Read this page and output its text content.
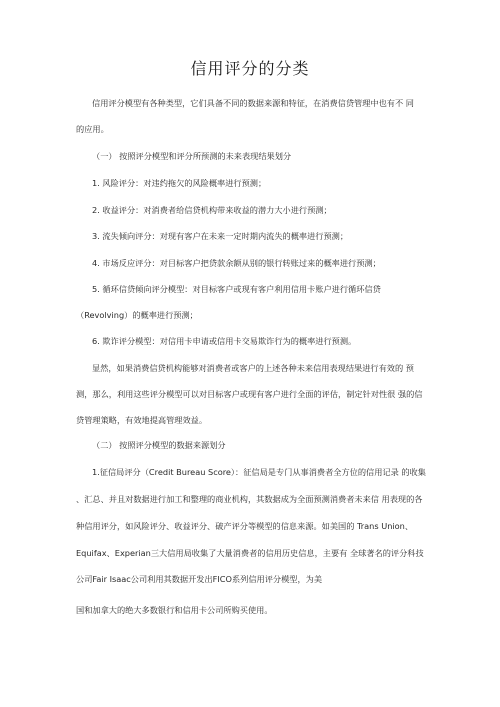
信用评分的分类
信用评分模型有各种类型，它们具备不同的数据来源和特征，在消费信贷管理中也有不 同
的应用。
（一） 按照评分模型和评分所预测的未来表现结果划分
1. 风险评分：对违约拖欠的风险概率进行预测；
2. 收益评分：对消费者给信贷机构带来收益的潜力大小进行预测；
3. 流失倾向评分：对现有客户在未来一定时期内流失的概率进行预测；
4. 市场反应评分：对目标客户把贷款余额从别的银行转账过来的概率进行预测；
5. 循环信贷倾向评分模型：对目标客户或现有客户利用信用卡账户进行循环信贷
（Revolving）的概率进行预测；
6. 欺诈评分模型：对信用卡申请或信用卡交易欺诈行为的概率进行预测。
显然，如果消费信贷机构能够对消费者或客户的上述各种未来信用表现结果进行有效的 预
测，那么，利用这些评分模型可以对目标客户或现有客户进行全面的评估，制定针对性很 强的信
贷管理策略，有效地提高管理效益。
（二） 按照评分模型的数据来源划分
1.征信局评分（Credit Bureau Score）：征信局是专门从事消费者全方位的信用记录 的收集
、汇总、并且对数据进行加工和整理的商业机构，其数据成为全面预测消费者未来信 用表现的各
种信用评分，如风险评分、收益评分、破产评分等模型的信息来源。如美国的 Trans Union、
Equifax、Experian三大信用局收集了大量消费者的信用历史信息，主要有 全球著名的评分科技
公司Fair Isaac公司利用其数据开发出FICO系列信用评分模型，为美
国和加拿大的绝大多数银行和信用卡公司所购买使用。
